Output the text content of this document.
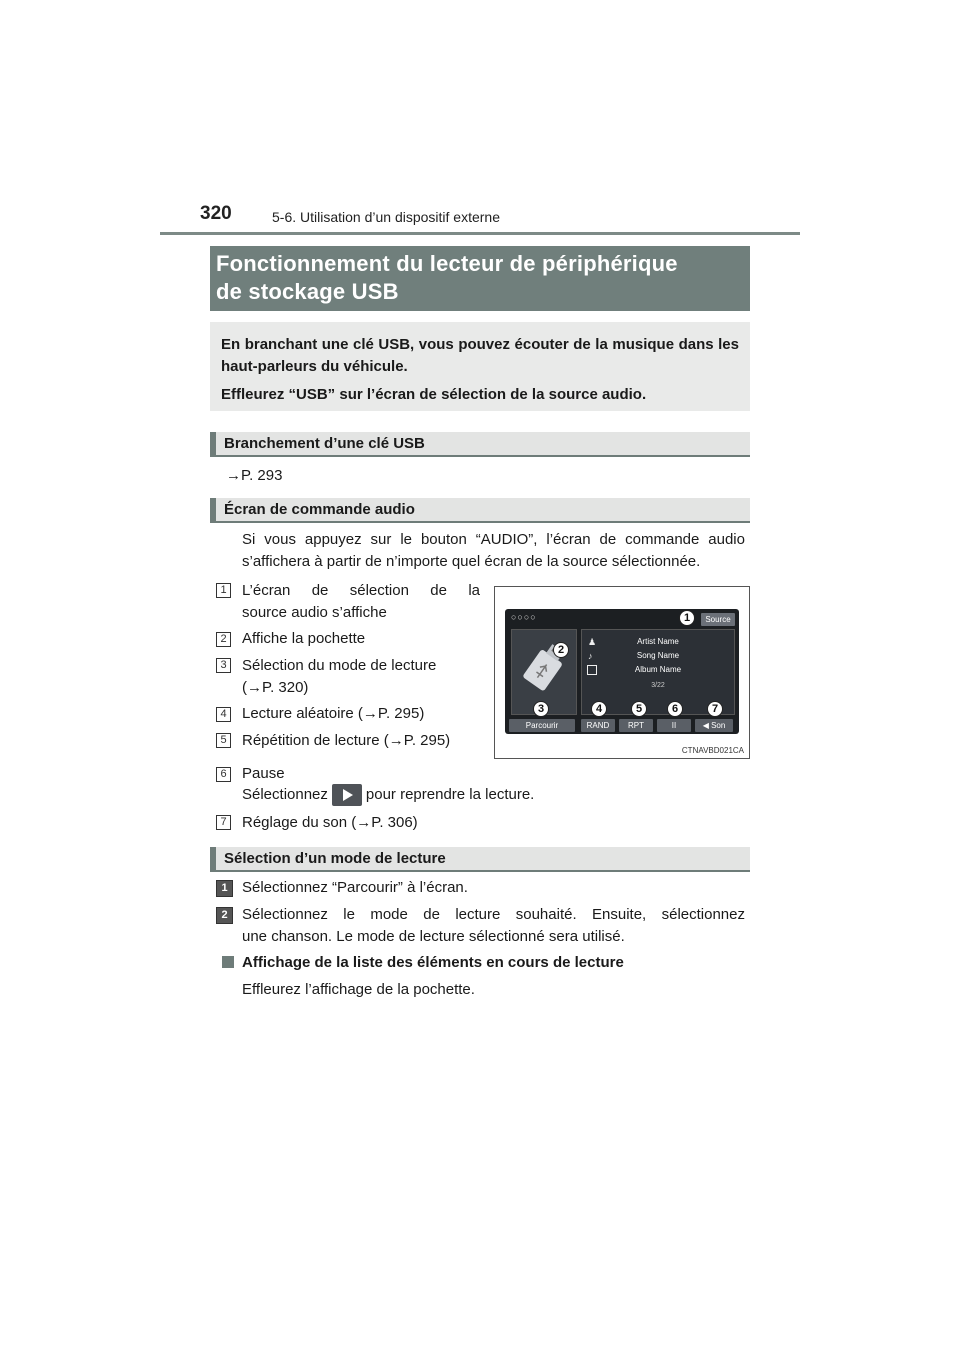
320	5-6. Utilisation d’un dispositif externe
Fonctionnement du lecteur de périphérique
de stockage USB

En branchant une clé USB, vous pouvez écouter de la musique dans les haut-parleurs du véhicule.

Effleurez “USB” sur l’écran de sélection de la source audio.

Branchement d’une clé USB
→P. 293
Écran de commande audio
Si vous appuyez sur le bouton “AUDIO”, l’écran de commande audio s’affichera à partir de n’importe quel écran de la source sélectionnée.
1 L’écran de sélection de la
source audio s’affiche
2 Affiche la pochette
3 Sélection du mode de lecture
(→P. 320)
4 Lecture aléatoire (→P. 295)
5 Répétition de lecture (→P. 295)
6 Pause
Sélectionnez	pour reprendre la lecture.
7 Réglage du son (→P. 306)
○○○○	Source
♟
♪
Artist Name
Song Name
Album Name
3/22
Parcourir	RAND	RPT	II	◀ Son
1
2
3	4	5	6	7
CTNAVBD021CA
Sélection d’un mode de lecture
1 Sélectionnez “Parcourir” à l’écran.
2 Sélectionnez le mode de lecture souhaité. Ensuite, sélectionnez
une chanson. Le mode de lecture sélectionné sera utilisé.
Affichage de la liste des éléments en cours de lecture
Effleurez l’affichage de la pochette.
